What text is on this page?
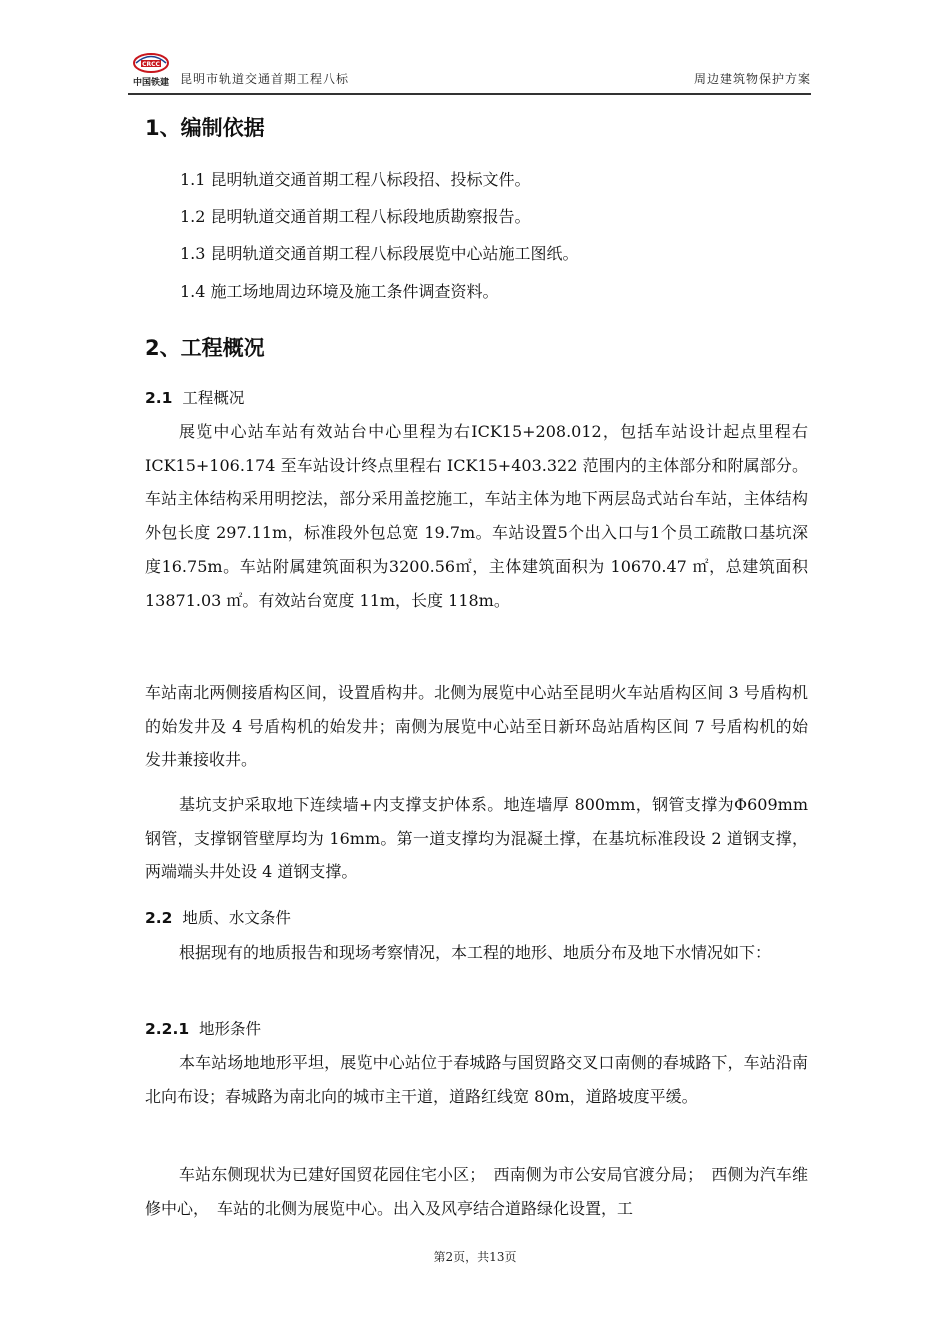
CRCC
中国铁建 昆明市轨道交通首期工程八标	周边建筑物保护方案
1、编制依据
1.1 昆明轨道交通首期工程八标段招、投标文件。
1.2 昆明轨道交通首期工程八标段地质勘察报告。
1.3 昆明轨道交通首期工程八标段展览中心站施工图纸。
1.4 施工场地周边环境及施工条件调查资料。
2、工程概况
2.1 工程概况

展览中心站车站有效站台中心里程为右ICK15+208.012，包括车站设计起点里程右 ICK15+106.174 至车站设计终点里程右 ICK15+403.322 范围内的主体部分和附属部分。车站主体结构采用明挖法，部分采用盖挖施工，车站主体为地下两层岛式站台车站，主体结构外包长度 297.11m，标准段外包总宽 19.7m。车站设置5个出入口与1个员工疏散口基坑深度16.75m。车站附属建筑面积为3200.56㎡，主体建筑面积为 10670.47 ㎡，总建筑面积 13871.03 ㎡。有效站台宽度 11m，长度 118m。

车站南北两侧接盾构区间，设置盾构井。北侧为展览中心站至昆明火车站盾构区间 3 号盾构机的始发井及 4 号盾构机的始发井；南侧为展览中心站至日新环岛站盾构区间 7 号盾构机的始发井兼接收井。

基坑支护采取地下连续墙+内支撑支护体系。地连墙厚 800mm，钢管支撑为Φ609mm 钢管，支撑钢管壁厚均为 16mm。第一道支撑均为混凝土撑，在基坑标准段设 2 道钢支撑，两端端头井处设 4 道钢支撑。

2.2 地质、水文条件

根据现有的地质报告和现场考察情况，本工程的地形、地质分布及地下水情况如下：

2.2.1 地形条件

本车站场地地形平坦，展览中心站位于春城路与国贸路交叉口南侧的春城路下，车站沿南北向布设；春城路为南北向的城市主干道，道路红线宽 80m，道路坡度平缓。

车站东侧现状为已建好国贸花园住宅小区；　西南侧为市公安局官渡分局；　西侧为汽车维修中心，　车站的北侧为展览中心。出入及风亭结合道路绿化设置，工

第2页，共13页
